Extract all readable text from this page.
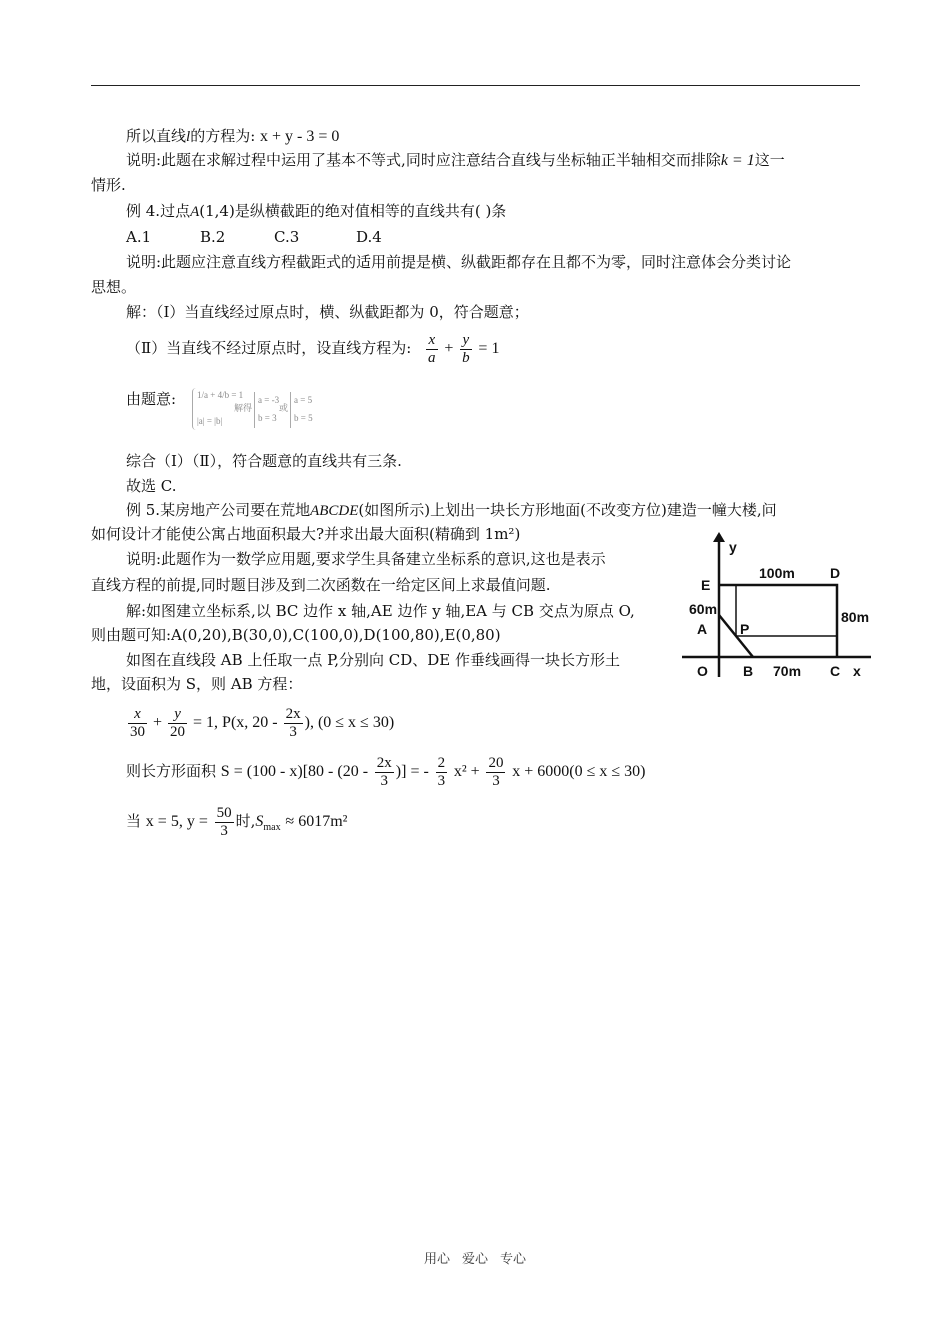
所以直线l的方程为: x + y - 3 = 0
说明:此题在求解过程中运用了基本不等式,同时应注意结合直线与坐标轴正半轴相交而排除k = 1这一
情形.
例 4.过点A(1,4)是纵横截距的绝对值相等的直线共有( )条
A.1	B.2	C.3	D.4
说明:此题应注意直线方程截距式的适用前提是横、纵截距都存在且都不为零，同时注意体会分类讨论
思想。
解：（Ⅰ）当直线经过原点时，横、纵截距都为 0，符合题意；
（Ⅱ）当直线不经过原点时，设直线方程为: $\frac{x}{a} + \frac{y}{b} = 1$
由题意: 1/a + 4/b = 1
|a| = |b|
解得
a = -3
b = 3
或
a = 5
b = 5
综合（Ⅰ）（Ⅱ），符合题意的直线共有三条.
故选 C.
例 5.某房地产公司要在荒地ABCDE(如图所示)上划出一块长方形地面(不改变方位)建造一幢大楼,问
如何设计才能使公寓占地面积最大?并求出最大面积(精确到 1m²)
说明:此题作为一数学应用题,要求学生具备建立坐标系的意识,这也是表示
直线方程的前提,同时题目涉及到二次函数在一给定区间上求最值问题.
解:如图建立坐标系,以 BC 边作 x 轴,AE 边作 y 轴,EA 与 CB 交点为原点 O,
则由题可知:A(0,20),B(30,0),C(100,0),D(100,80),E(0,80)
如图在直线段 AB 上任取一点 P,分别向 CD、DE 作垂线画得一块长方形土
地，设面积为 S，则 AB 方程：
$\frac{x}{30} + \frac{y}{20} = 1$, P(x, $20 - \frac{2x}{3}$ ), (0 ≤ x ≤ 30)
则长方形面积 $S = (100 - x)[80 - (20 - \frac{2x}{3}$ )] = - $\frac{2}{3} x^2 + \frac{20}{3}$ x + 6000(0 ≤ x ≤ 30)
当 x = 5, $y = \frac{50}{3}$ 时$,S_{max} \approx 6017m^2$
y
x
E
D
A P
O	B	C
100m
60m	80m
70m
用心 爱心 专心
